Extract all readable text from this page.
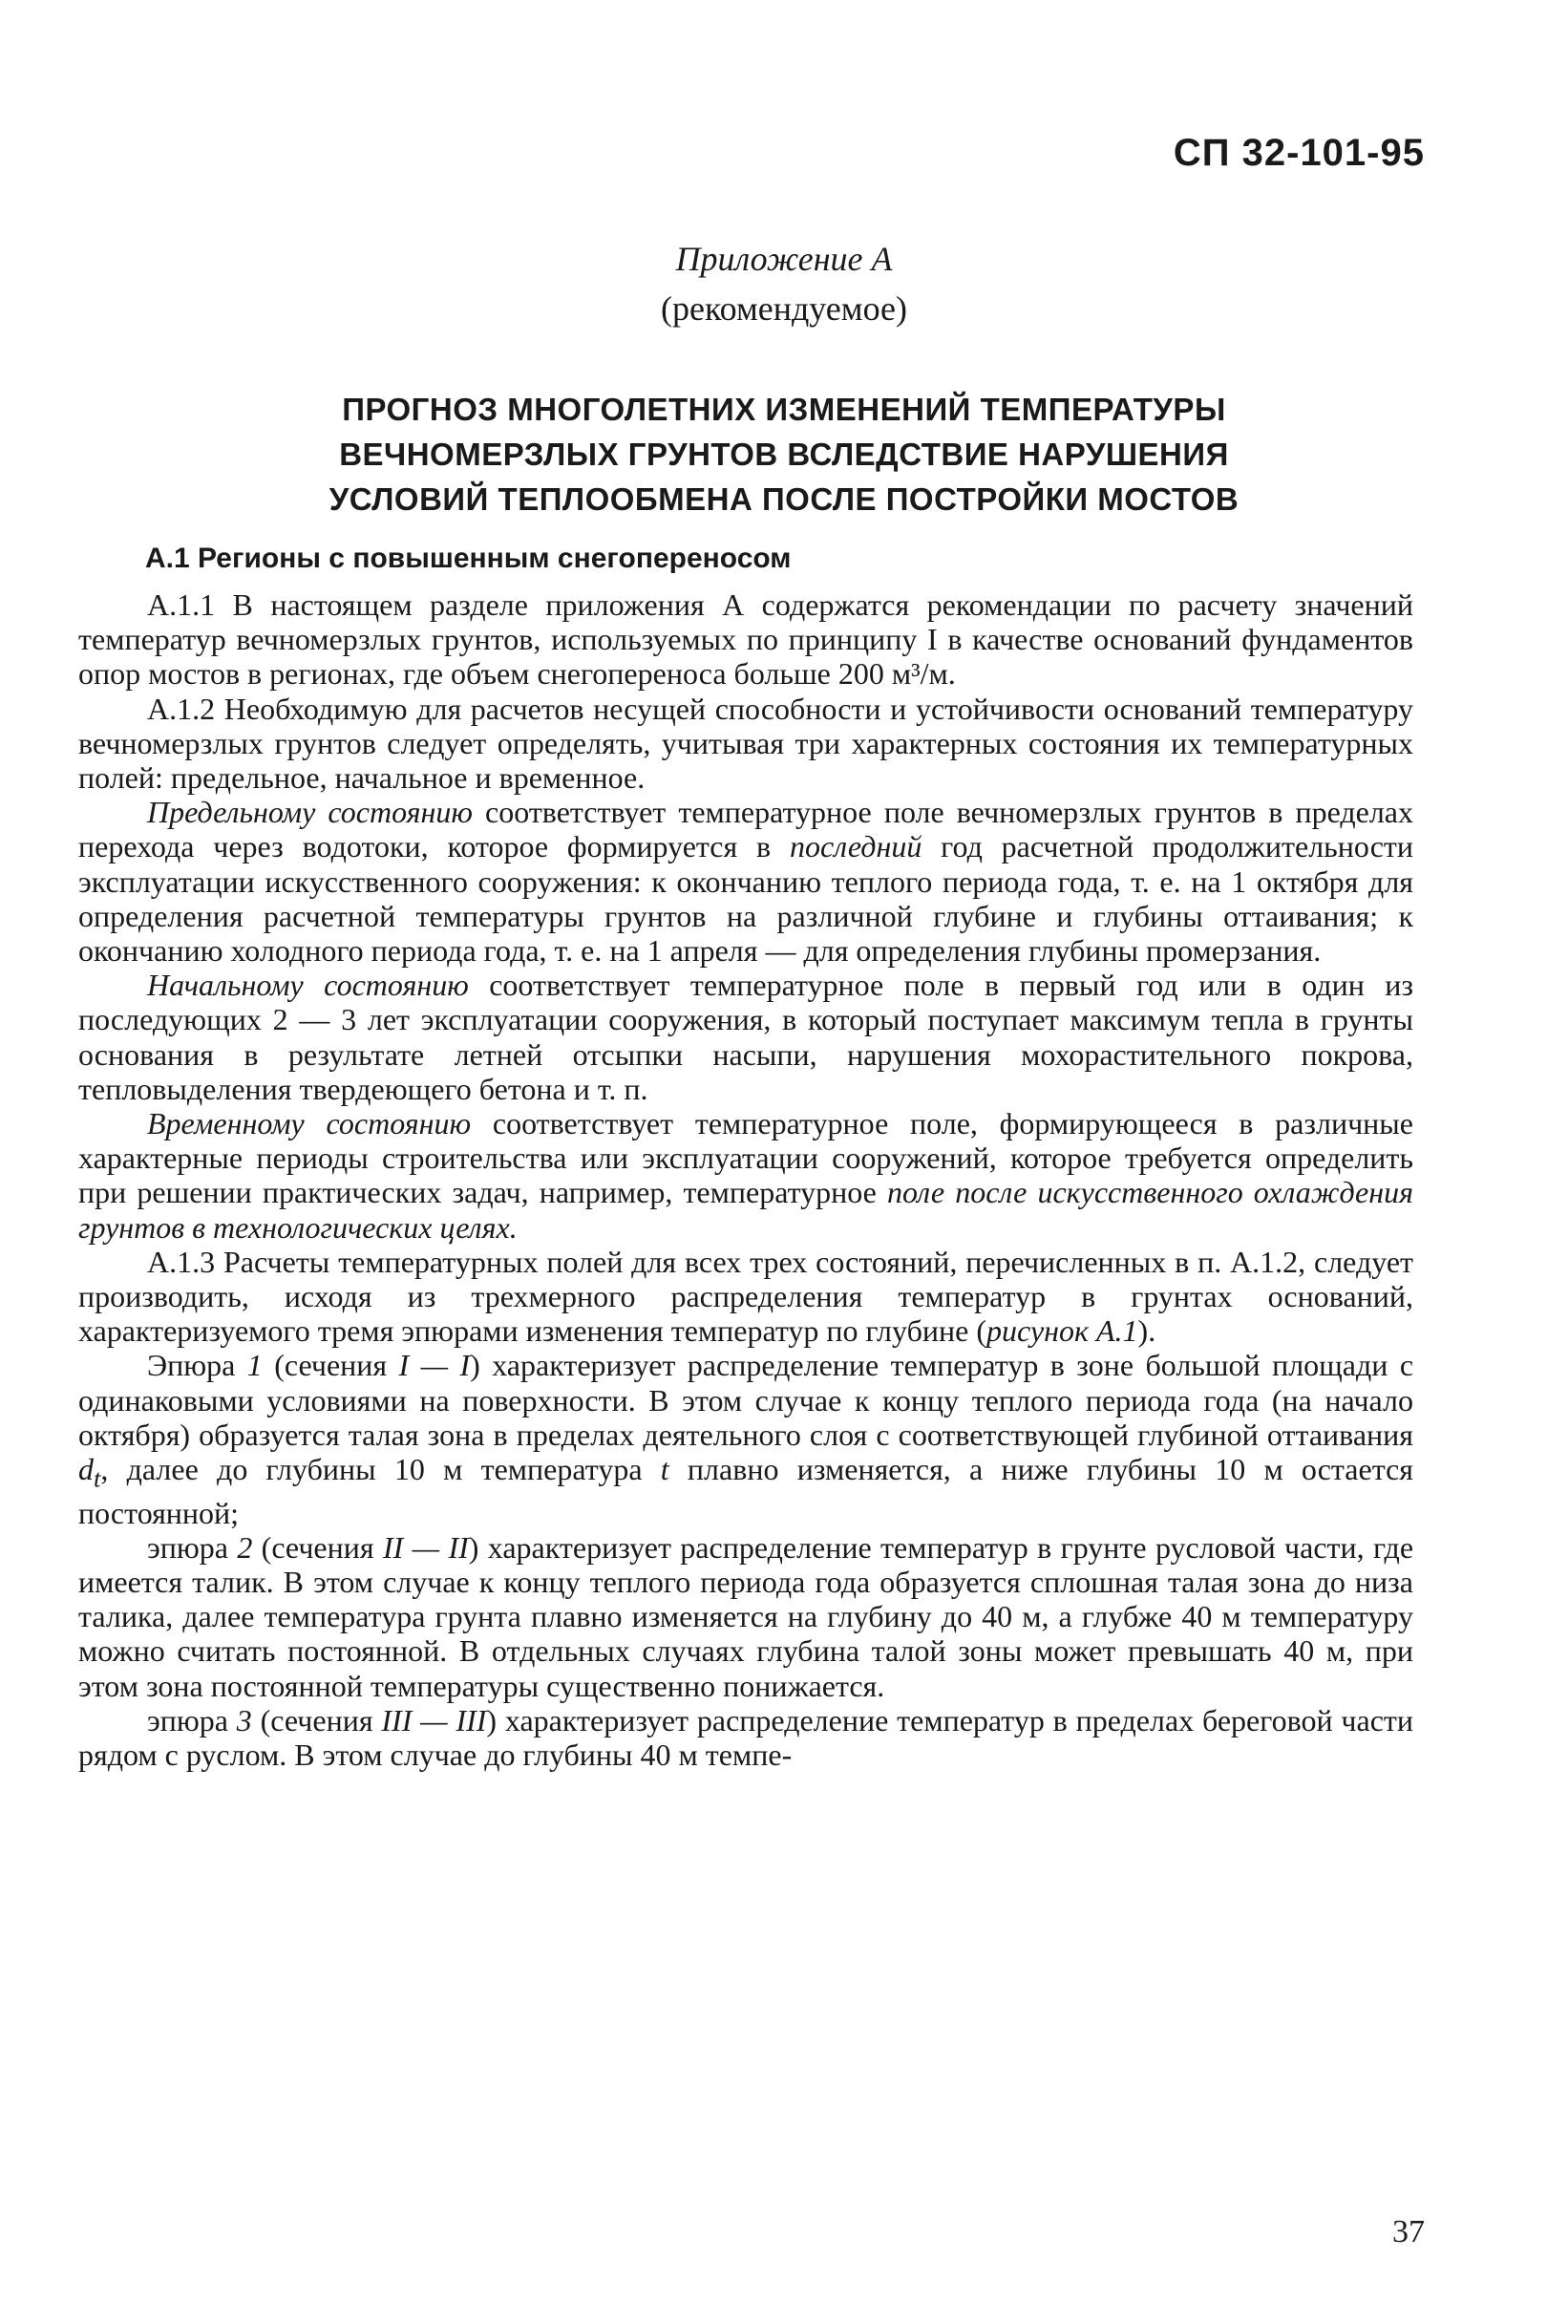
СП 32-101-95
Приложение А
(рекомендуемое)
ПРОГНОЗ МНОГОЛЕТНИХ ИЗМЕНЕНИЙ ТЕМПЕРАТУРЫ
ВЕЧНОМЕРЗЛЫХ ГРУНТОВ ВСЛЕДСТВИЕ НАРУШЕНИЯ
УСЛОВИЙ ТЕПЛООБМЕНА ПОСЛЕ ПОСТРОЙКИ МОСТОВ
А.1 Регионы с повышенным снегопереносом

А.1.1 В настоящем разделе приложения А содержатся рекомендации по расчету значений температур вечномерзлых грунтов, используемых по принципу I в качестве оснований фундаментов опор мостов в регионах, где объем снегопереноса больше 200 м³/м.

А.1.2 Необходимую для расчетов несущей способности и устойчивости оснований температуру вечномерзлых грунтов следует определять, учитывая три характерных состояния их температурных полей: предельное, начальное и временное.

Предельному состоянию соответствует температурное поле вечномерзлых грунтов в пределах перехода через водотоки, которое формируется в последний год расчетной продолжительности эксплуатации искусственного сооружения: к окончанию теплого периода года, т. е. на 1 октября для определения расчетной температуры грунтов на различной глубине и глубины оттаивания; к окончанию холодного периода года, т. е. на 1 апреля — для определения глубины промерзания.

Начальному состоянию соответствует температурное поле в первый год или в один из последующих 2 — 3 лет эксплуатации сооружения, в который поступает максимум тепла в грунты основания в результате летней отсыпки насыпи, нарушения мохорастительного покрова, тепловыделения твердеющего бетона и т. п.

Временному состоянию соответствует температурное поле, формирующееся в различные характерные периоды строительства или эксплуатации сооружений, которое требуется определить при решении практических задач, например, температурное поле после искусственного охлаждения грунтов в технологических целях.

А.1.3 Расчеты температурных полей для всех трех состояний, перечисленных в п. А.1.2, следует производить, исходя из трехмерного распределения температур в грунтах оснований, характеризуемого тремя эпюрами изменения температур по глубине (рисунок А.1).

Эпюра 1 (сечения I — I) характеризует распределение температур в зоне большой площади с одинаковыми условиями на поверхности. В этом случае к концу теплого периода года (на начало октября) образуется талая зона в пределах деятельного слоя с соответствующей глубиной оттаивания $d_t$, далее до глубины 10 м температура t плавно изменяется, а ниже глубины 10 м остается постоянной;

эпюра 2 (сечения II — II) характеризует распределение температур в грунте русловой части, где имеется талик. В этом случае к концу теплого периода года образуется сплошная талая зона до низа талика, далее температура грунта плавно изменяется на глубину до 40 м, а глубже 40 м температуру можно считать постоянной. В отдельных случаях глубина талой зоны может превышать 40 м, при этом зона постоянной температуры существенно понижается.

эпюра 3 (сечения III — III) характеризует распределение температур в пределах береговой части рядом с руслом. В этом случае до глубины 40 м темпе-

37
